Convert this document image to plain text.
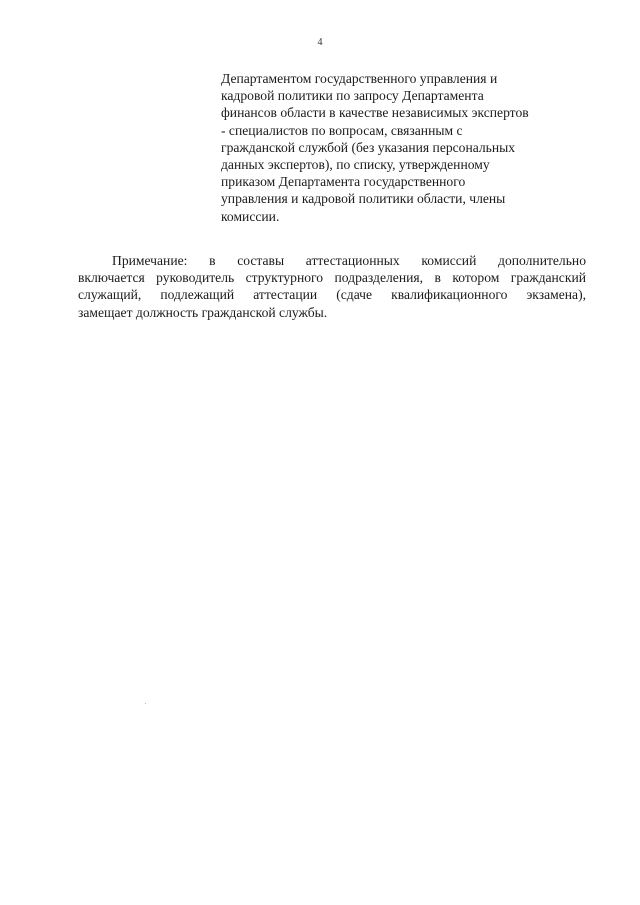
4
Департаментом государственного управления и
кадровой политики по запросу Департамента
финансов области в качестве независимых экспертов
- специалистов по вопросам, связанным с
гражданской службой (без указания персональных
данных экспертов), по списку, утвержденному
приказом Департамента государственного
управления и кадровой политики области, члены
комиссии.
Примечание: в составы аттестационных комиссий дополнительно
включается руководитель структурного подразделения, в котором гражданский
служащий, подлежащий аттестации (сдаче квалификационного экзамена),
замещает должность гражданской службы.
